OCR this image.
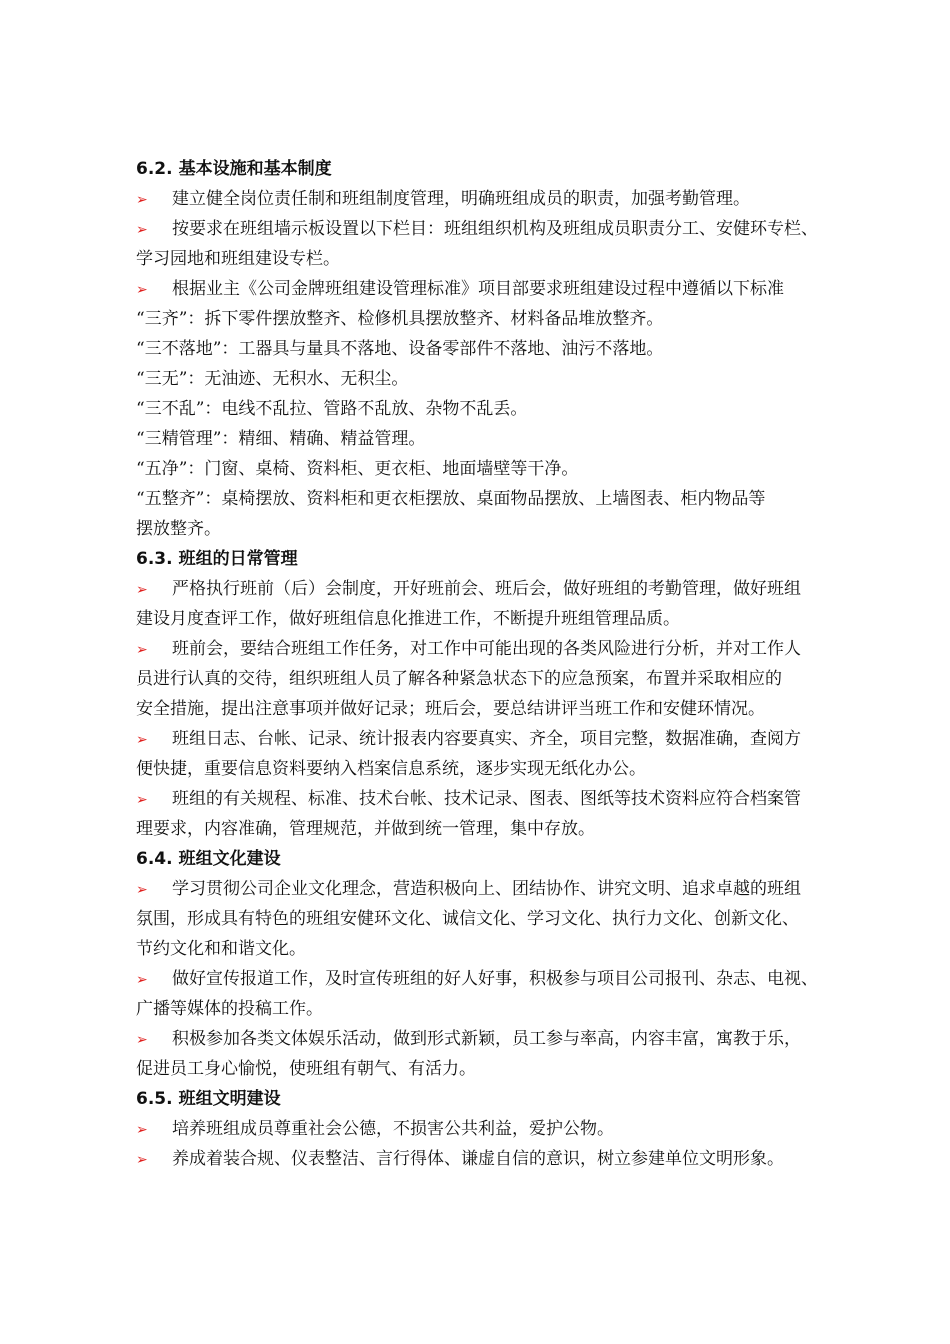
6.2. 基本设施和基本制度
➢ 建立健全岗位责任制和班组制度管理，明确班组成员的职责，加强考勤管理。
➢ 按要求在班组墙示板设置以下栏目：班组组织机构及班组成员职责分工、安健环专栏、
学习园地和班组建设专栏。
➢ 根据业主《公司金牌班组建设管理标准》项目部要求班组建设过程中遵循以下标准
“三齐”：拆下零件摆放整齐、检修机具摆放整齐、材料备品堆放整齐。
“三不落地”：工器具与量具不落地、设备零部件不落地、油污不落地。
“三无”：无油迹、无积水、无积尘。
“三不乱”：电线不乱拉、管路不乱放、杂物不乱丢。
“三精管理”：精细、精确、精益管理。
“五净”：门窗、桌椅、资料柜、更衣柜、地面墙壁等干净。
“五整齐”：桌椅摆放、资料柜和更衣柜摆放、桌面物品摆放、上墙图表、柜内物品等
摆放整齐。
6.3. 班组的日常管理
➢ 严格执行班前（后）会制度，开好班前会、班后会，做好班组的考勤管理，做好班组
建设月度查评工作，做好班组信息化推进工作，不断提升班组管理品质。
➢ 班前会，要结合班组工作任务，对工作中可能出现的各类风险进行分析，并对工作人
员进行认真的交待，组织班组人员了解各种紧急状态下的应急预案，布置并采取相应的
安全措施，提出注意事项并做好记录；班后会，要总结讲评当班工作和安健环情况。
➢ 班组日志、台帐、记录、统计报表内容要真实、齐全，项目完整，数据准确，查阅方
便快捷，重要信息资料要纳入档案信息系统，逐步实现无纸化办公。
➢ 班组的有关规程、标准、技术台帐、技术记录、图表、图纸等技术资料应符合档案管
理要求，内容准确，管理规范，并做到统一管理，集中存放。
6.4. 班组文化建设
➢ 学习贯彻公司企业文化理念，营造积极向上、团结协作、讲究文明、追求卓越的班组
氛围，形成具有特色的班组安健环文化、诚信文化、学习文化、执行力文化、创新文化、
节约文化和和谐文化。
➢ 做好宣传报道工作，及时宣传班组的好人好事，积极参与项目公司报刊、杂志、电视、
广播等媒体的投稿工作。
➢ 积极参加各类文体娱乐活动，做到形式新颖，员工参与率高，内容丰富，寓教于乐，
促进员工身心愉悦，使班组有朝气、有活力。
6.5. 班组文明建设
➢ 培养班组成员尊重社会公德，不损害公共利益，爱护公物。
➢ 养成着装合规、仪表整洁、言行得体、谦虚自信的意识，树立参建单位文明形象。
